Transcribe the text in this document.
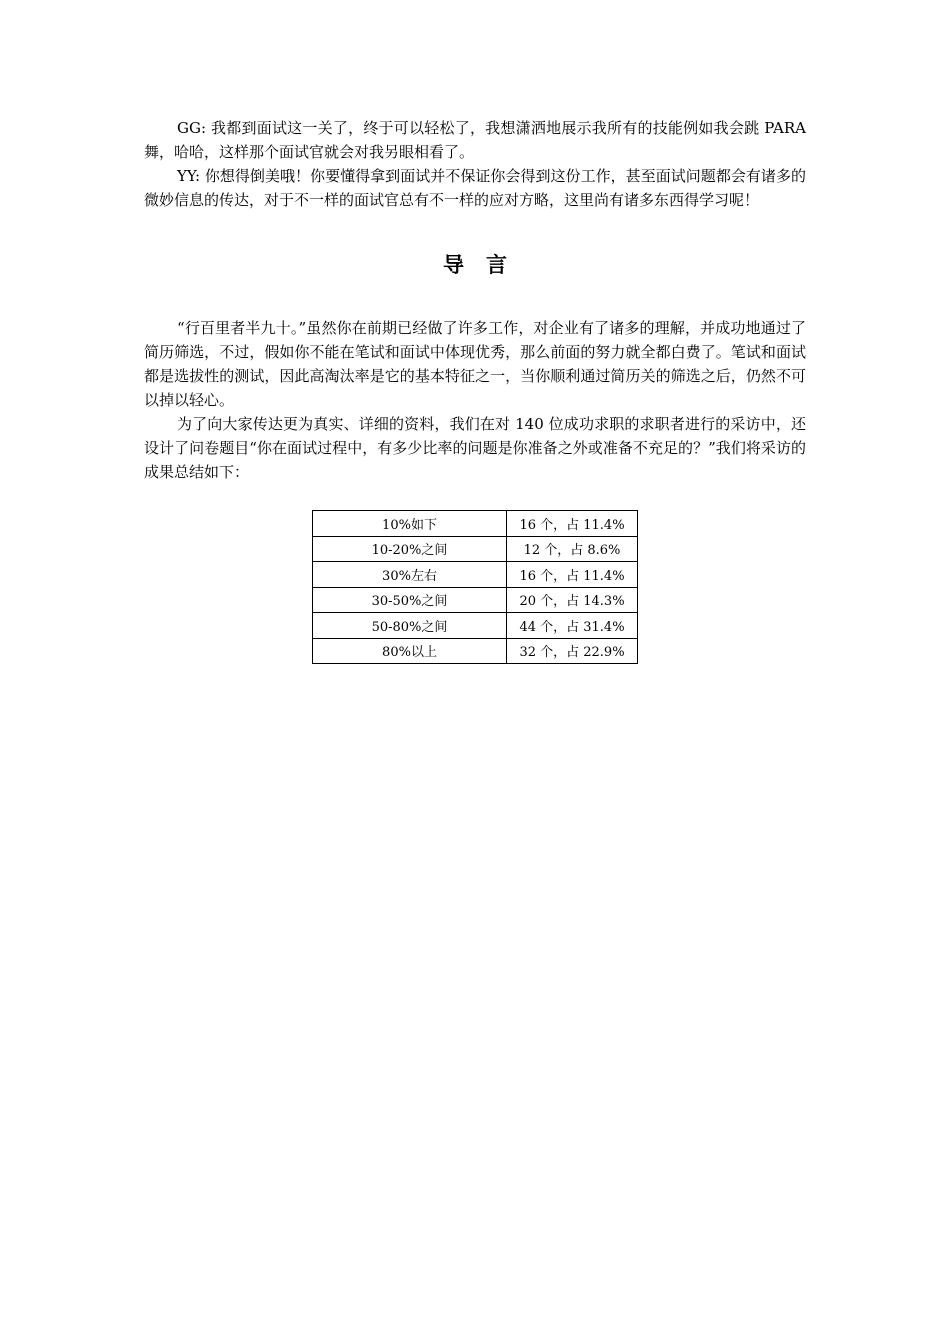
GG: 我都到面试这一关了，终于可以轻松了，我想潇洒地展示我所有的技能例如我会跳 PARA 舞，哈哈，这样那个面试官就会对我另眼相看了。

YY: 你想得倒美哦！你要懂得拿到面试并不保证你会得到这份工作，甚至面试问题都会有诸多的微妙信息的传达，对于不一样的面试官总有不一样的应对方略，这里尚有诸多东西得学习呢！

导言

“行百里者半九十。”虽然你在前期已经做了许多工作，对企业有了诸多的理解，并成功地通过了简历筛选，不过，假如你不能在笔试和面试中体现优秀，那么前面的努力就全都白费了。笔试和面试都是选拔性的测试，因此高淘汰率是它的基本特征之一，当你顺利通过简历关的筛选之后，仍然不可以掉以轻心。

为了向大家传达更为真实、详细的资料，我们在对 140 位成功求职的求职者进行的采访中，还设计了问卷题目“你在面试过程中，有多少比率的问题是你准备之外或准备不充足的？”我们将采访的成果总结如下：

10%如下	16 个，占 11.4%
10-20%之间	12 个，占 8.6%
30%左右	16 个，占 11.4%
30-50%之间	20 个，占 14.3%
50-80%之间	44 个，占 31.4%
80%以上	32 个，占 22.9%
